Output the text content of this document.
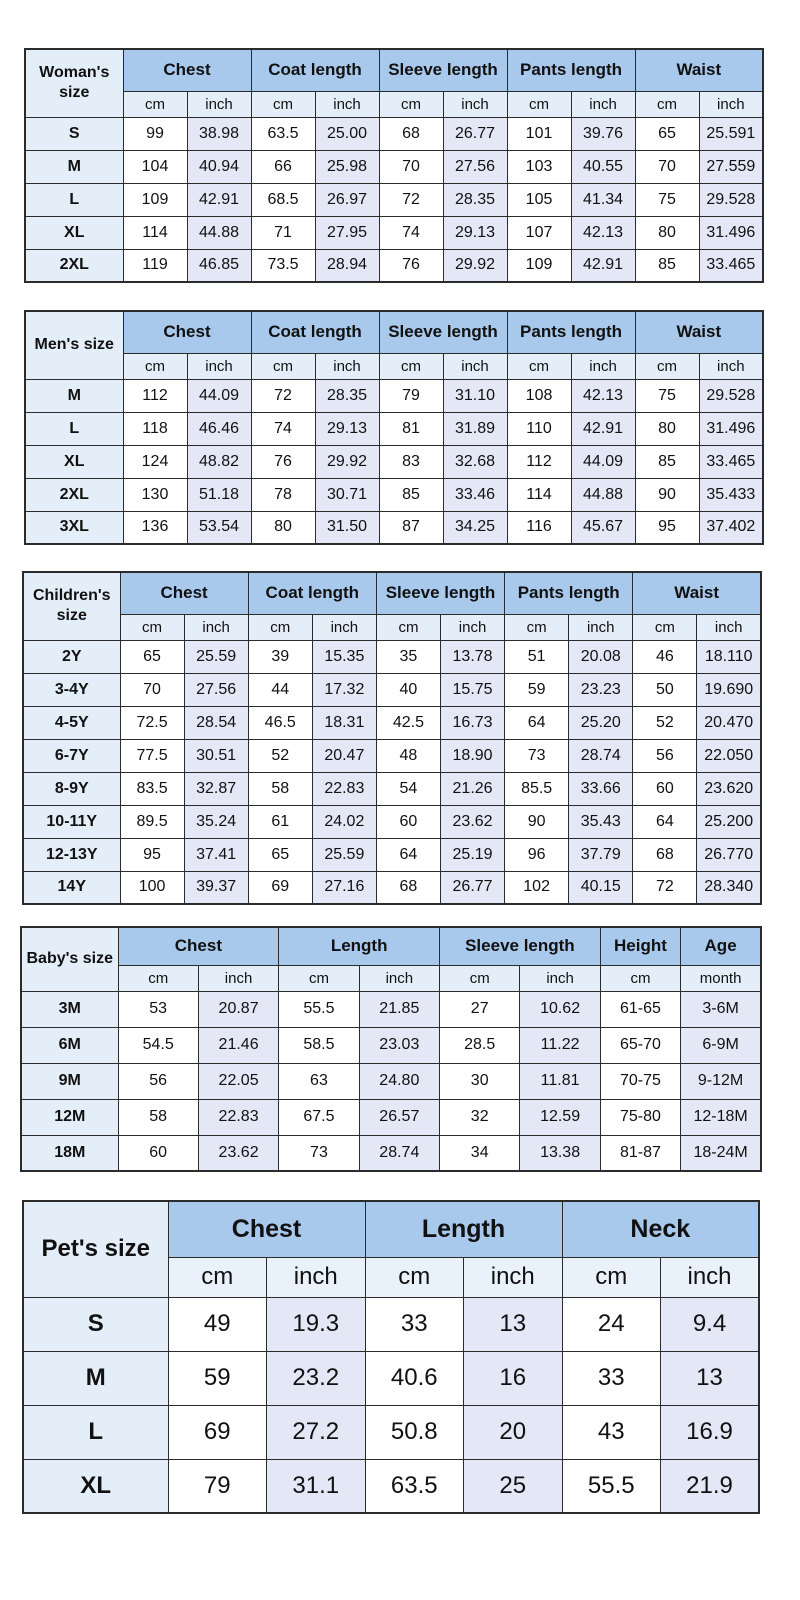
Woman's size	Chest		Coat length		Sleeve length		Pants length		Waist	
	cm	inch	cm	inch	cm	inch	cm	inch	cm	inch
S	99	38.98	63.5	25.00	68	26.77	101	39.76	65	25.591
M	104	40.94	66	25.98	70	27.56	103	40.55	70	27.559
L	109	42.91	68.5	26.97	72	28.35	105	41.34	75	29.528
XL	114	44.88	71	27.95	74	29.13	107	42.13	80	31.496
2XL	119	46.85	73.5	28.94	76	29.92	109	42.91	85	33.465
Men's size	Chest		Coat length		Sleeve length		Pants length		Waist	
	cm	inch	cm	inch	cm	inch	cm	inch	cm	inch
M	112	44.09	72	28.35	79	31.10	108	42.13	75	29.528
L	118	46.46	74	29.13	81	31.89	110	42.91	80	31.496
XL	124	48.82	76	29.92	83	32.68	112	44.09	85	33.465
2XL	130	51.18	78	30.71	85	33.46	114	44.88	90	35.433
3XL	136	53.54	80	31.50	87	34.25	116	45.67	95	37.402
Children's size	Chest		Coat length		Sleeve length		Pants length		Waist	
	cm	inch	cm	inch	cm	inch	cm	inch	cm	inch
2Y	65	25.59	39	15.35	35	13.78	51	20.08	46	18.110
3-4Y	70	27.56	44	17.32	40	15.75	59	23.23	50	19.690
4-5Y	72.5	28.54	46.5	18.31	42.5	16.73	64	25.20	52	20.470
6-7Y	77.5	30.51	52	20.47	48	18.90	73	28.74	56	22.050
8-9Y	83.5	32.87	58	22.83	54	21.26	85.5	33.66	60	23.620
10-11Y	89.5	35.24	61	24.02	60	23.62	90	35.43	64	25.200
12-13Y	95	37.41	65	25.59	64	25.19	96	37.79	68	26.770
14Y	100	39.37	69	27.16	68	26.77	102	40.15	72	28.340
Baby's size	Chest		Length		Sleeve length		Height	Age
	cm	inch	cm	inch	cm	inch	cm	month
3M	53	20.87	55.5	21.85	27	10.62	61-65	3-6M
6M	54.5	21.46	58.5	23.03	28.5	11.22	65-70	6-9M
9M	56	22.05	63	24.80	30	11.81	70-75	9-12M
12M	58	22.83	67.5	26.57	32	12.59	75-80	12-18M
18M	60	23.62	73	28.74	34	13.38	81-87	18-24M
Pet's size	Chest		Length		Neck	
	cm	inch	cm	inch	cm	inch
S	49	19.3	33	13	24	9.4
M	59	23.2	40.6	16	33	13
L	69	27.2	50.8	20	43	16.9
XL	79	31.1	63.5	25	55.5	21.9
